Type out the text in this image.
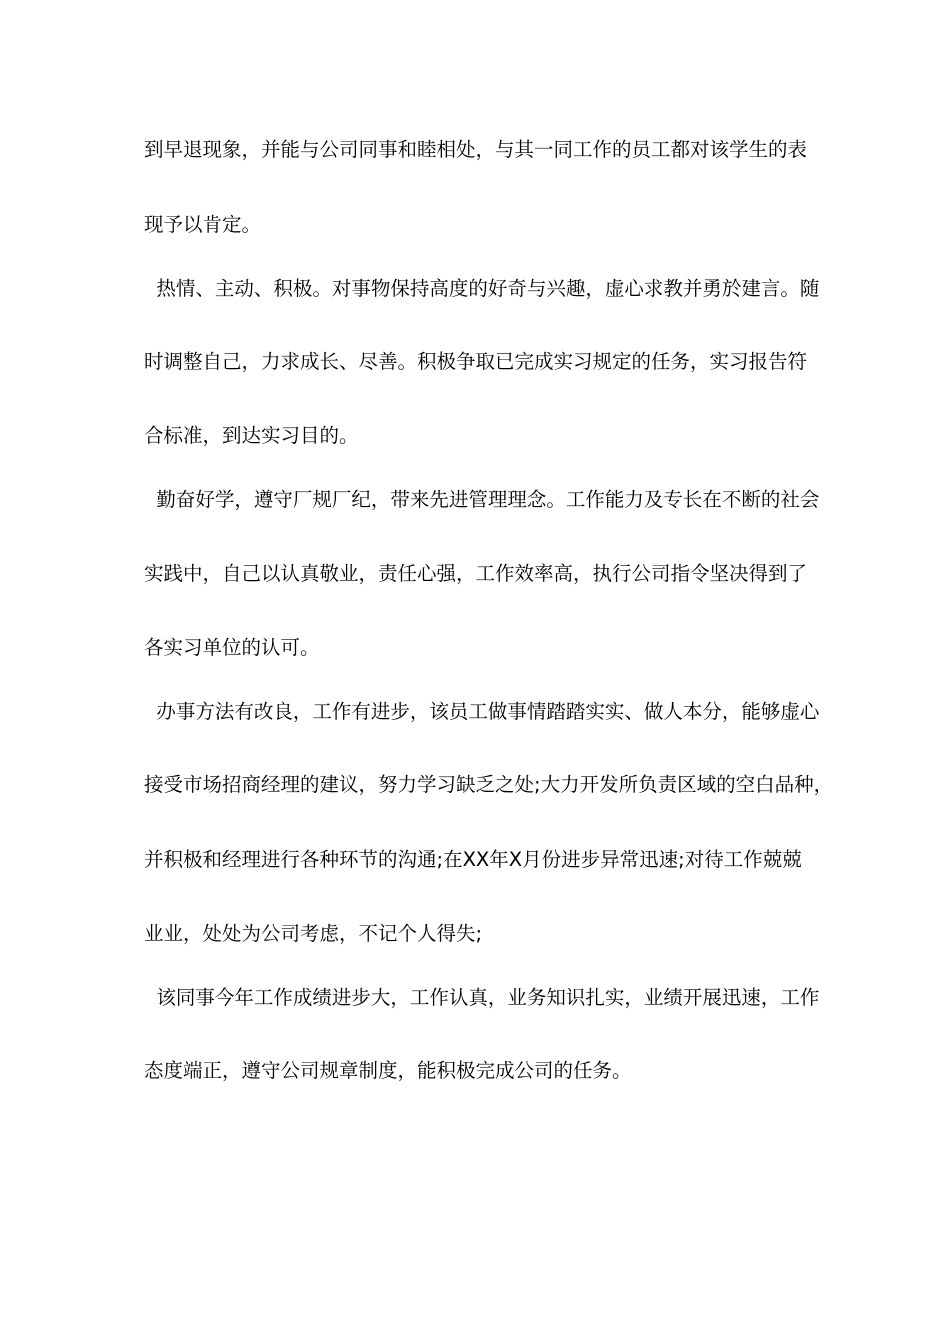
到早退现象，并能与公司同事和睦相处，与其一同工作的员工都对该学生的表
现予以肯定。
热情、主动、积极。对事物保持高度的好奇与兴趣，虚心求教并勇於建言。随
时调整自己，力求成长、尽善。积极争取已完成实习规定的任务，实习报告符
合标准，到达实习目的。
勤奋好学，遵守厂规厂纪，带来先进管理理念。工作能力及专长在不断的社会
实践中，自己以认真敬业，责任心强，工作效率高，执行公司指令坚决得到了
各实习单位的认可。
办事方法有改良，工作有进步，该员工做事情踏踏实实、做人本分，能够虚心
接受市场招商经理的建议，努力学习缺乏之处;大力开发所负责区域的空白品种，
并积极和经理进行各种环节的沟通;在XX年X月份进步异常迅速;对待工作兢兢
业业，处处为公司考虑，不记个人得失;
该同事今年工作成绩进步大，工作认真，业务知识扎实，业绩开展迅速，工作
态度端正，遵守公司规章制度，能积极完成公司的任务。
